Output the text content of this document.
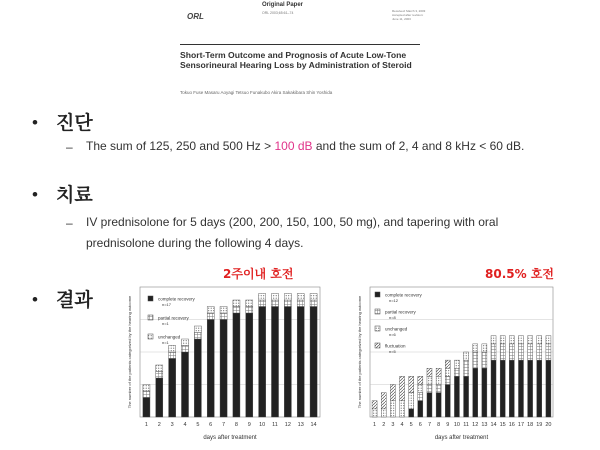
ORL
Original Paper
ORL 2003;65:61–74	Received: March 3, 2003 Accepted after revision: June 11, 2003
Short-Term Outcome and Prognosis of Acute Low-Tone Sensorineural Hearing Loss by Administration of Steroid
Tokuo Fuse Masaru Aoyagi Tetsuo Funakubo Akira Sakakibara Shin Yoshida
• 진단
– The sum of 125, 250 and 500 Hz > 100 dB and the sum of 2, 4 and 8 kHz < 60 dB.
• 치료
– IV prednisolone for 5 days (200, 200, 150, 100, 50 mg), and tapering with oral
prednisolone during the following 4 days.
• 결과
2주이내 호전	80.5% 호전
1 2 3 4 5 6 7 8 9 10 11 12 13 14
complete recovery
n=17
partial recovery
n=1
unchanged
n=1
days after treatment
The number of the patients categorized by the hearing outcome
1 2 3 4 5 6 7 8 9 10 11 12 13 14 15 16 17 18 19 20
complete recovery
n=12
partial recovery
n=8
unchanged
n=6
fluctuation
n=5
days after treatment
The number of the patients categorized by the hearing outcome
